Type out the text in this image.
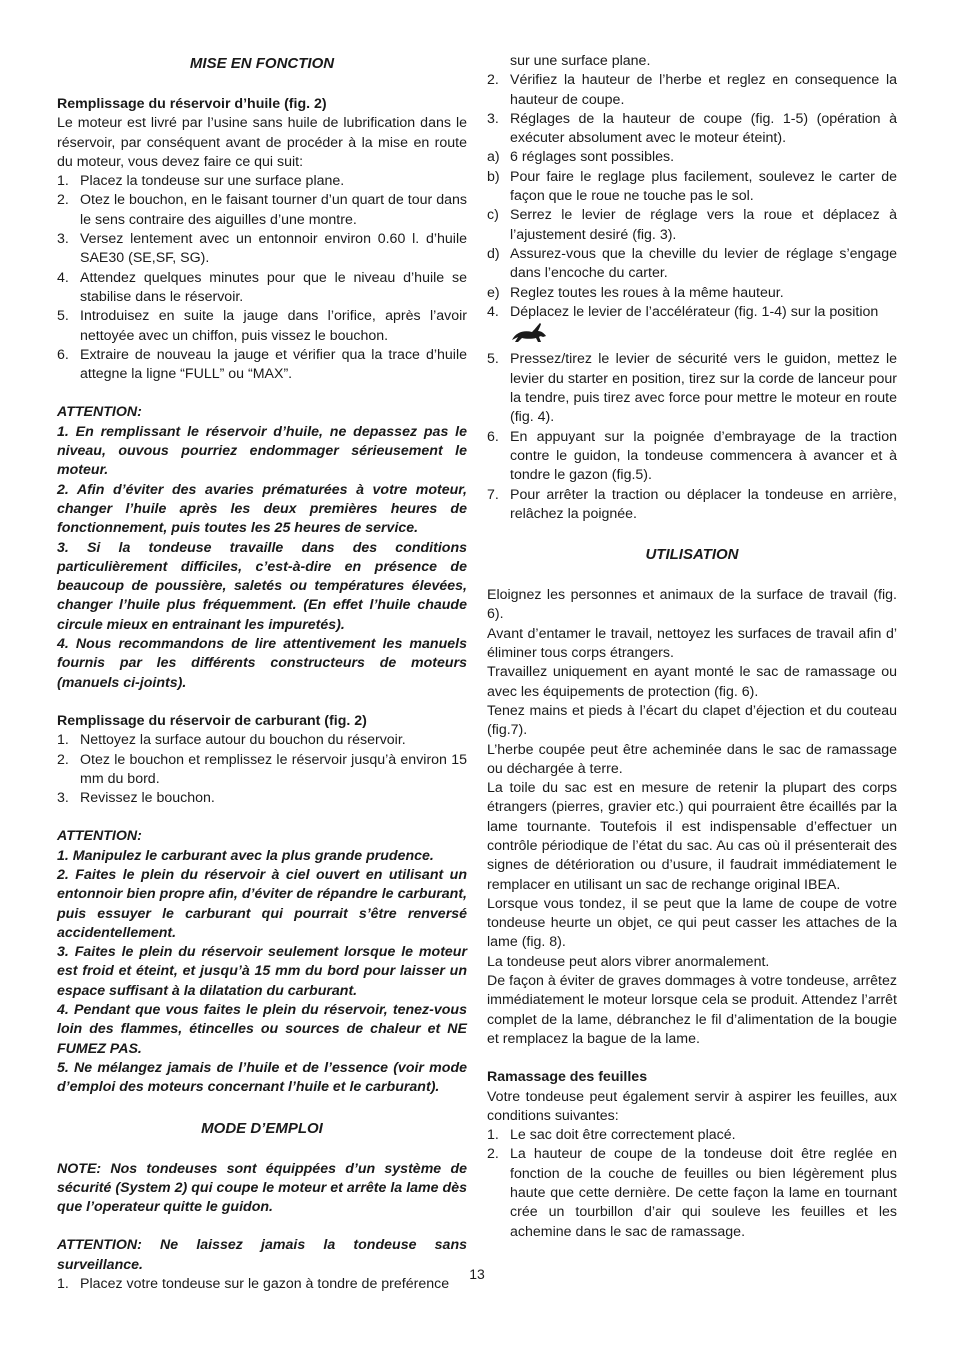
MISE EN FONCTION

Remplissage du réservoir d’huile (fig. 2)

Le moteur est livré par l’usine sans huile de lubrification dans le réservoir, par conséquent avant de procéder à la mise en route du moteur, vous devez faire ce qui suit:

1. Placez la tondeuse sur une surface plane.
2. Otez le bouchon, en le faisant tourner d’un quart de tour dans le sens contraire des aiguilles d’une montre.
3. Versez lentement avec un entonnoir environ 0.60 l. d’huile SAE30 (SE,SF, SG).
4. Attendez quelques minutes pour que le niveau d’huile se stabilise dans le réservoir.
5. Introduisez en suite la jauge dans l’orifice, après l’avoir nettoyée avec un chiffon, puis vissez le bouchon.
6. Extraire de nouveau la jauge et vérifier qua la trace d’huile attegne la ligne “FULL” ou “MAX”.

ATTENTION:

1. En remplissant le réservoir d’huile, ne depassez pas le niveau, ouvous pourriez endommager sérieusement le moteur.

2. Afin d’éviter des avaries prématurées à votre moteur, changer l’huile après les deux premières heures de fonctionnement, puis toutes les 25 heures de service.

3. Si la tondeuse travaille dans des conditions particulièrement difficiles, c’est-à-dire en présence de beaucoup de poussière, saletés ou températures élevées, changer l’huile plus fréquemment. (En effet l’huile chaude circule mieux en entrainant les impuretés).

4. Nous recommandons de lire attentivement les manuels fournis par les différents constructeurs de moteurs (manuels ci-joints).

Remplissage du réservoir de carburant (fig. 2)

1. Nettoyez la surface autour du bouchon du réservoir.
2. Otez le bouchon et remplissez le réservoir jusqu’à environ 15 mm du bord.
3. Revissez le bouchon.

ATTENTION:

1. Manipulez le carburant avec la plus grande prudence.

2. Faites le plein du réservoir à ciel ouvert en utilisant un entonnoir bien propre afin, d’éviter de répandre le carburant, puis essuyer le carburant qui pourrait s’être renversé accidentellement.

3. Faites le plein du réservoir seulement lorsque le moteur est froid et éteint, et jusqu’à 15 mm du bord pour laisser un espace suffisant à la dilatation du carburant.

4. Pendant que vous faites le plein du réservoir, tenez-vous loin des flammes, étincelles ou sources de chaleur et NE FUMEZ PAS.

5. Ne mélangez jamais de l’huile et de l’essence (voir mode d’emploi des moteurs concernant l’huile et le carburant).

MODE D’EMPLOI

NOTE: Nos tondeuses sont équippées d’un système de sécurité (System 2) qui coupe le moteur et arrête la lame dès que l’operateur quitte le guidon.

ATTENTION: Ne laissez jamais la tondeuse sans surveillance.

1. Placez votre tondeuse sur le gazon à tondre de preférence
sur une surface plane.
2. Vérifiez la hauteur de l’herbe et reglez en consequence la hauteur de coupe.
3. Réglages de la hauteur de coupe (fig. 1-5) (opération à exécuter absolument avec le moteur éteint).
a) 6 réglages sont possibles.
b) Pour faire le reglage plus facilement, soulevez le carter de façon que le roue ne touche pas le sol.
c) Serrez le levier de réglage vers la roue et déplacez à l’ajustement desiré (fig. 3).
d) Assurez-vous que la cheville du levier de réglage s’engage dans l’encoche du carter.
e) Reglez toutes les roues à la même hauteur.
4. Déplacez le levier de l’accélérateur (fig. 1-4) sur la position

5. Pressez/tirez le levier de sécurité vers le guidon, mettez le levier du starter en position, tirez sur la corde de lanceur pour la tendre, puis tirez avec force pour mettre le moteur en route (fig. 4).
6. En appuyant sur la poignée d’embrayage de la traction contre le guidon, la tondeuse commencera à avancer et à tondre le gazon (fig.5).
7. Pour arrêter la traction ou déplacer la tondeuse en arrière, relâchez la poignée.

UTILISATION

Eloignez les personnes et animaux de la surface de travail (fig. 6).

Avant d’entamer le travail, nettoyez les surfaces de travail afin d’ éliminer tous corps étrangers.

Travaillez uniquement en ayant monté le sac de ramassage ou avec les équipements de protection (fig. 6).

Tenez mains et pieds à l’écart du clapet d’éjection et du couteau (fig.7).

L’herbe coupée peut être acheminée dans le sac de ramassage ou déchargée à terre.

La toile du sac est en mesure de retenir la plupart des corps étrangers (pierres, gravier etc.) qui pourraient être écaillés par la lame tournante. Toutefois il est indispensable d’effectuer un contrôle périodique de l’état du sac. Au cas où il présenterait des signes de détérioration ou d’usure, il faudrait immédiatement le remplacer en utilisant un sac de rechange original IBEA.

Lorsque vous tondez, il se peut que la lame de coupe de votre tondeuse heurte un objet, ce qui peut casser les attaches de la lame (fig. 8).

La tondeuse peut alors vibrer anormalement.

De façon à éviter de graves dommages à votre tondeuse, arrêtez immédiatement le moteur lorsque cela se produit. Attendez l’arrêt complet de la lame, débranchez le fil d’alimentation de la bougie et remplacez la bague de la lame.

Ramassage des feuilles

Votre tondeuse peut également servir à aspirer les feuilles, aux conditions suivantes:

1. Le sac doit être correctement placé.
2. La hauteur de coupe de la tondeuse doit être reglée en fonction de la couche de feuilles ou bien légèrement plus haute que cette dernière. De cette façon la lame en tournant crée un tourbillon d’air qui souleve les feuilles et les achemine dans le sac de ramassage.
13
